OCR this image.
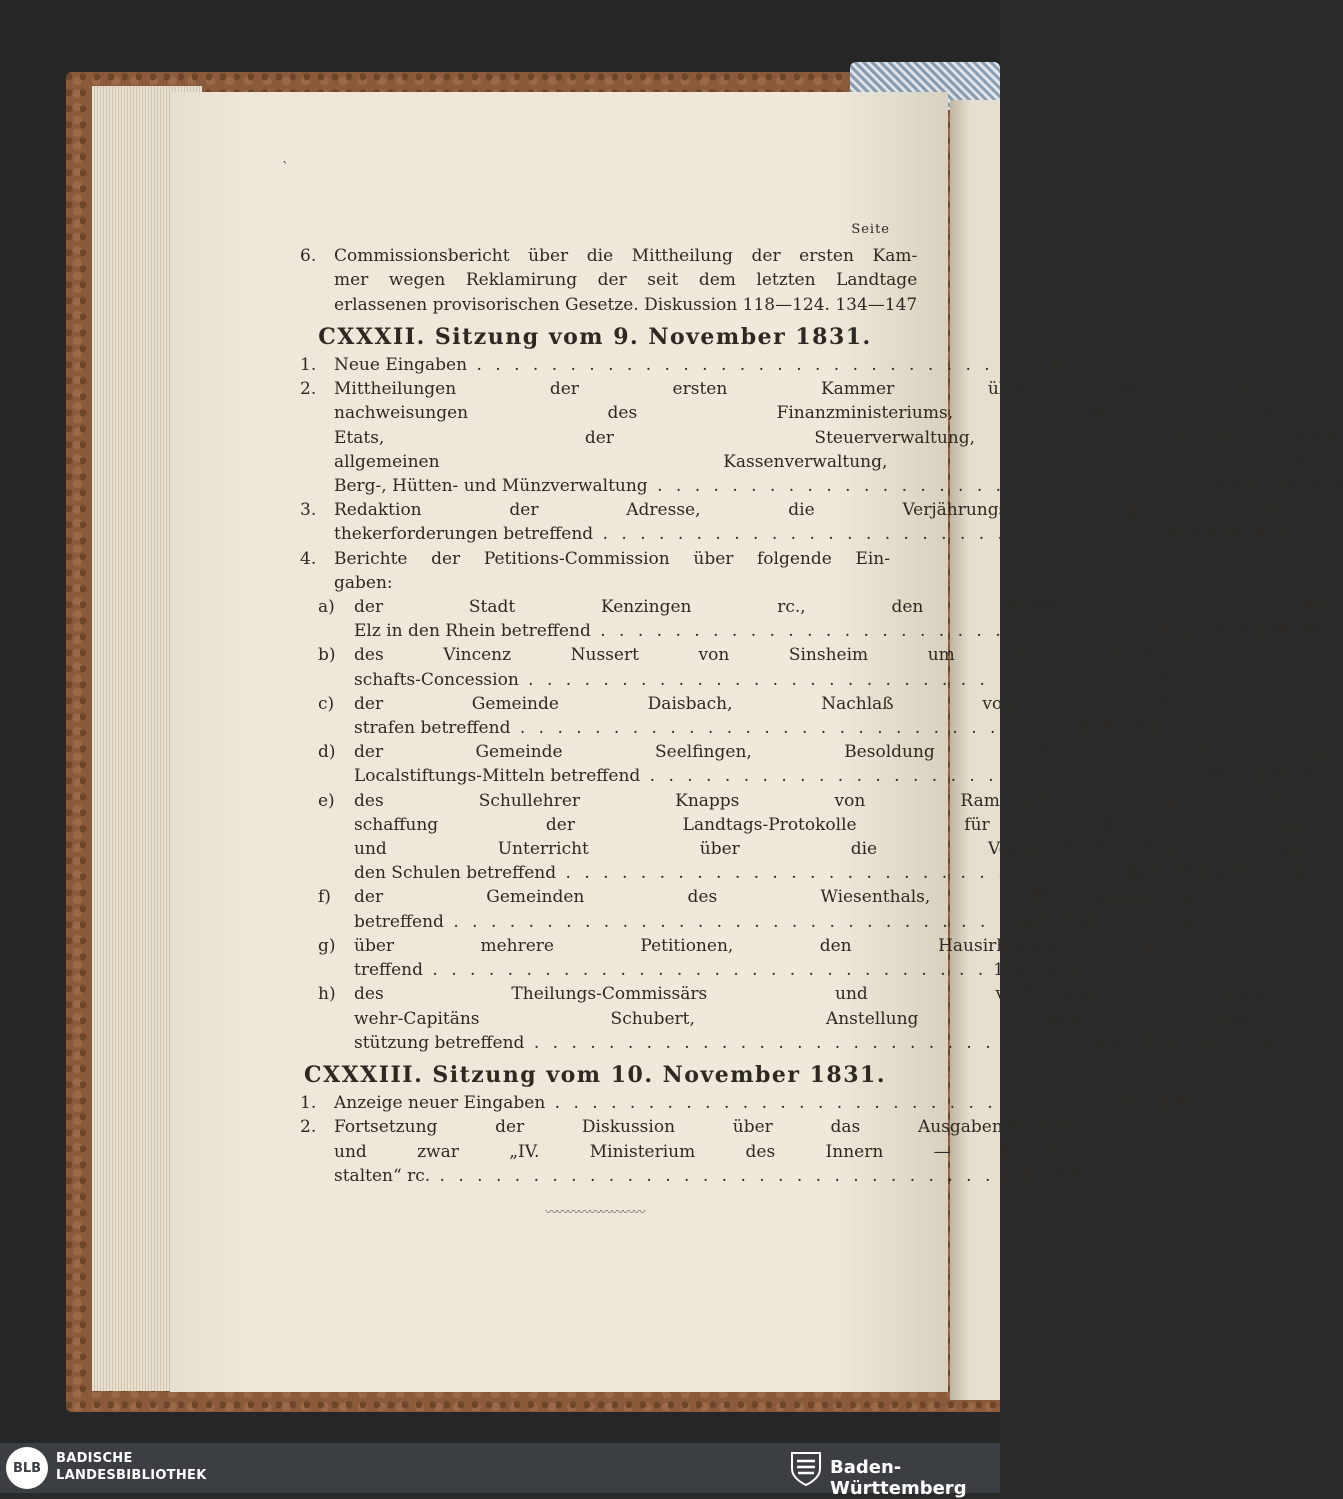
ˋ
Seite
6.	Commissionsbericht über die Mittheilung der ersten Kam-
mer wegen Reklamirung der seit dem letzten Landtage
erlassenen provisorischen Gesetze. Diskussion 118—124. 134—147
CXXXII. Sitzung vom 9. November 1831.
1.	Neue Eingaben . . .	148
2.	Mittheilungen der ersten Kammer über die Rechnungs-
nachweisungen des Finanzministeriums, des Pensions-
Etats, der Steuerverwaltung, Salinenverwaltung,
allgemeinen Kassenverwaltung, Cameral-Domänen-,
Berg-, Hütten- und Münzverwaltung . . .	149. 194—199
3.	Redaktion der Adresse, die Verjährungszeit der Apo-
thekerforderungen betreffend . . .	149. 199. 200
4.	Berichte der Petitions-Commission über folgende Ein-
gaben:
a)	der Stadt Kenzingen rc., den Nothkanal aus der
Elz in den Rhein betreffend . . .	152—159. 201. 202
b)	des Vincenz Nussert von Sinsheim um eine Wirth-
schafts-Concession . . .	159. 203
c)	der Gemeinde Daisbach, Nachlaß von Waldfrevel-
strafen betreffend . . .	159. 204. 205
d)	der Gemeinde Seelfingen, Besoldung der Lehrer aus
Localstiftungs-Mitteln betreffend . . .	159. 205. 206
e)	des Schullehrer Knapps von Ramsbach, die An-
schaffung der Landtags-Protokolle für die Schulen
und Unterricht über die Verfassungs-Urkunde in
den Schulen betreffend . . .	160—166. 206—209
f)	der Gemeinden des Wiesenthals, Mattenwässerung
betreffend . . .	166—170. 210—213
g)	über mehrere Petitionen, den Hausirhandel be-
treffend . . .	170—188. 213—228
h)	des Theilungs-Commissärs und vormaligen Land-
wehr-Capitäns Schubert, Anstellung und Unter-
stützung betreffend . . .	188—193. 229—234
CXXXIII. Sitzung vom 10. November 1831.
1.	Anzeige neuer Eingaben . . .	235. 236
2.	Fortsetzung der Diskussion über das Ausgaben-Budget,
und zwar „IV. Ministerium des Innern — Lehr-An-
stalten“ rc. . . .	236. 368
〰〰〰〰〰〰〰〰〰
BLB
BADISCHE
LANDESBIBLIOTHEK	Baden-Württemberg
